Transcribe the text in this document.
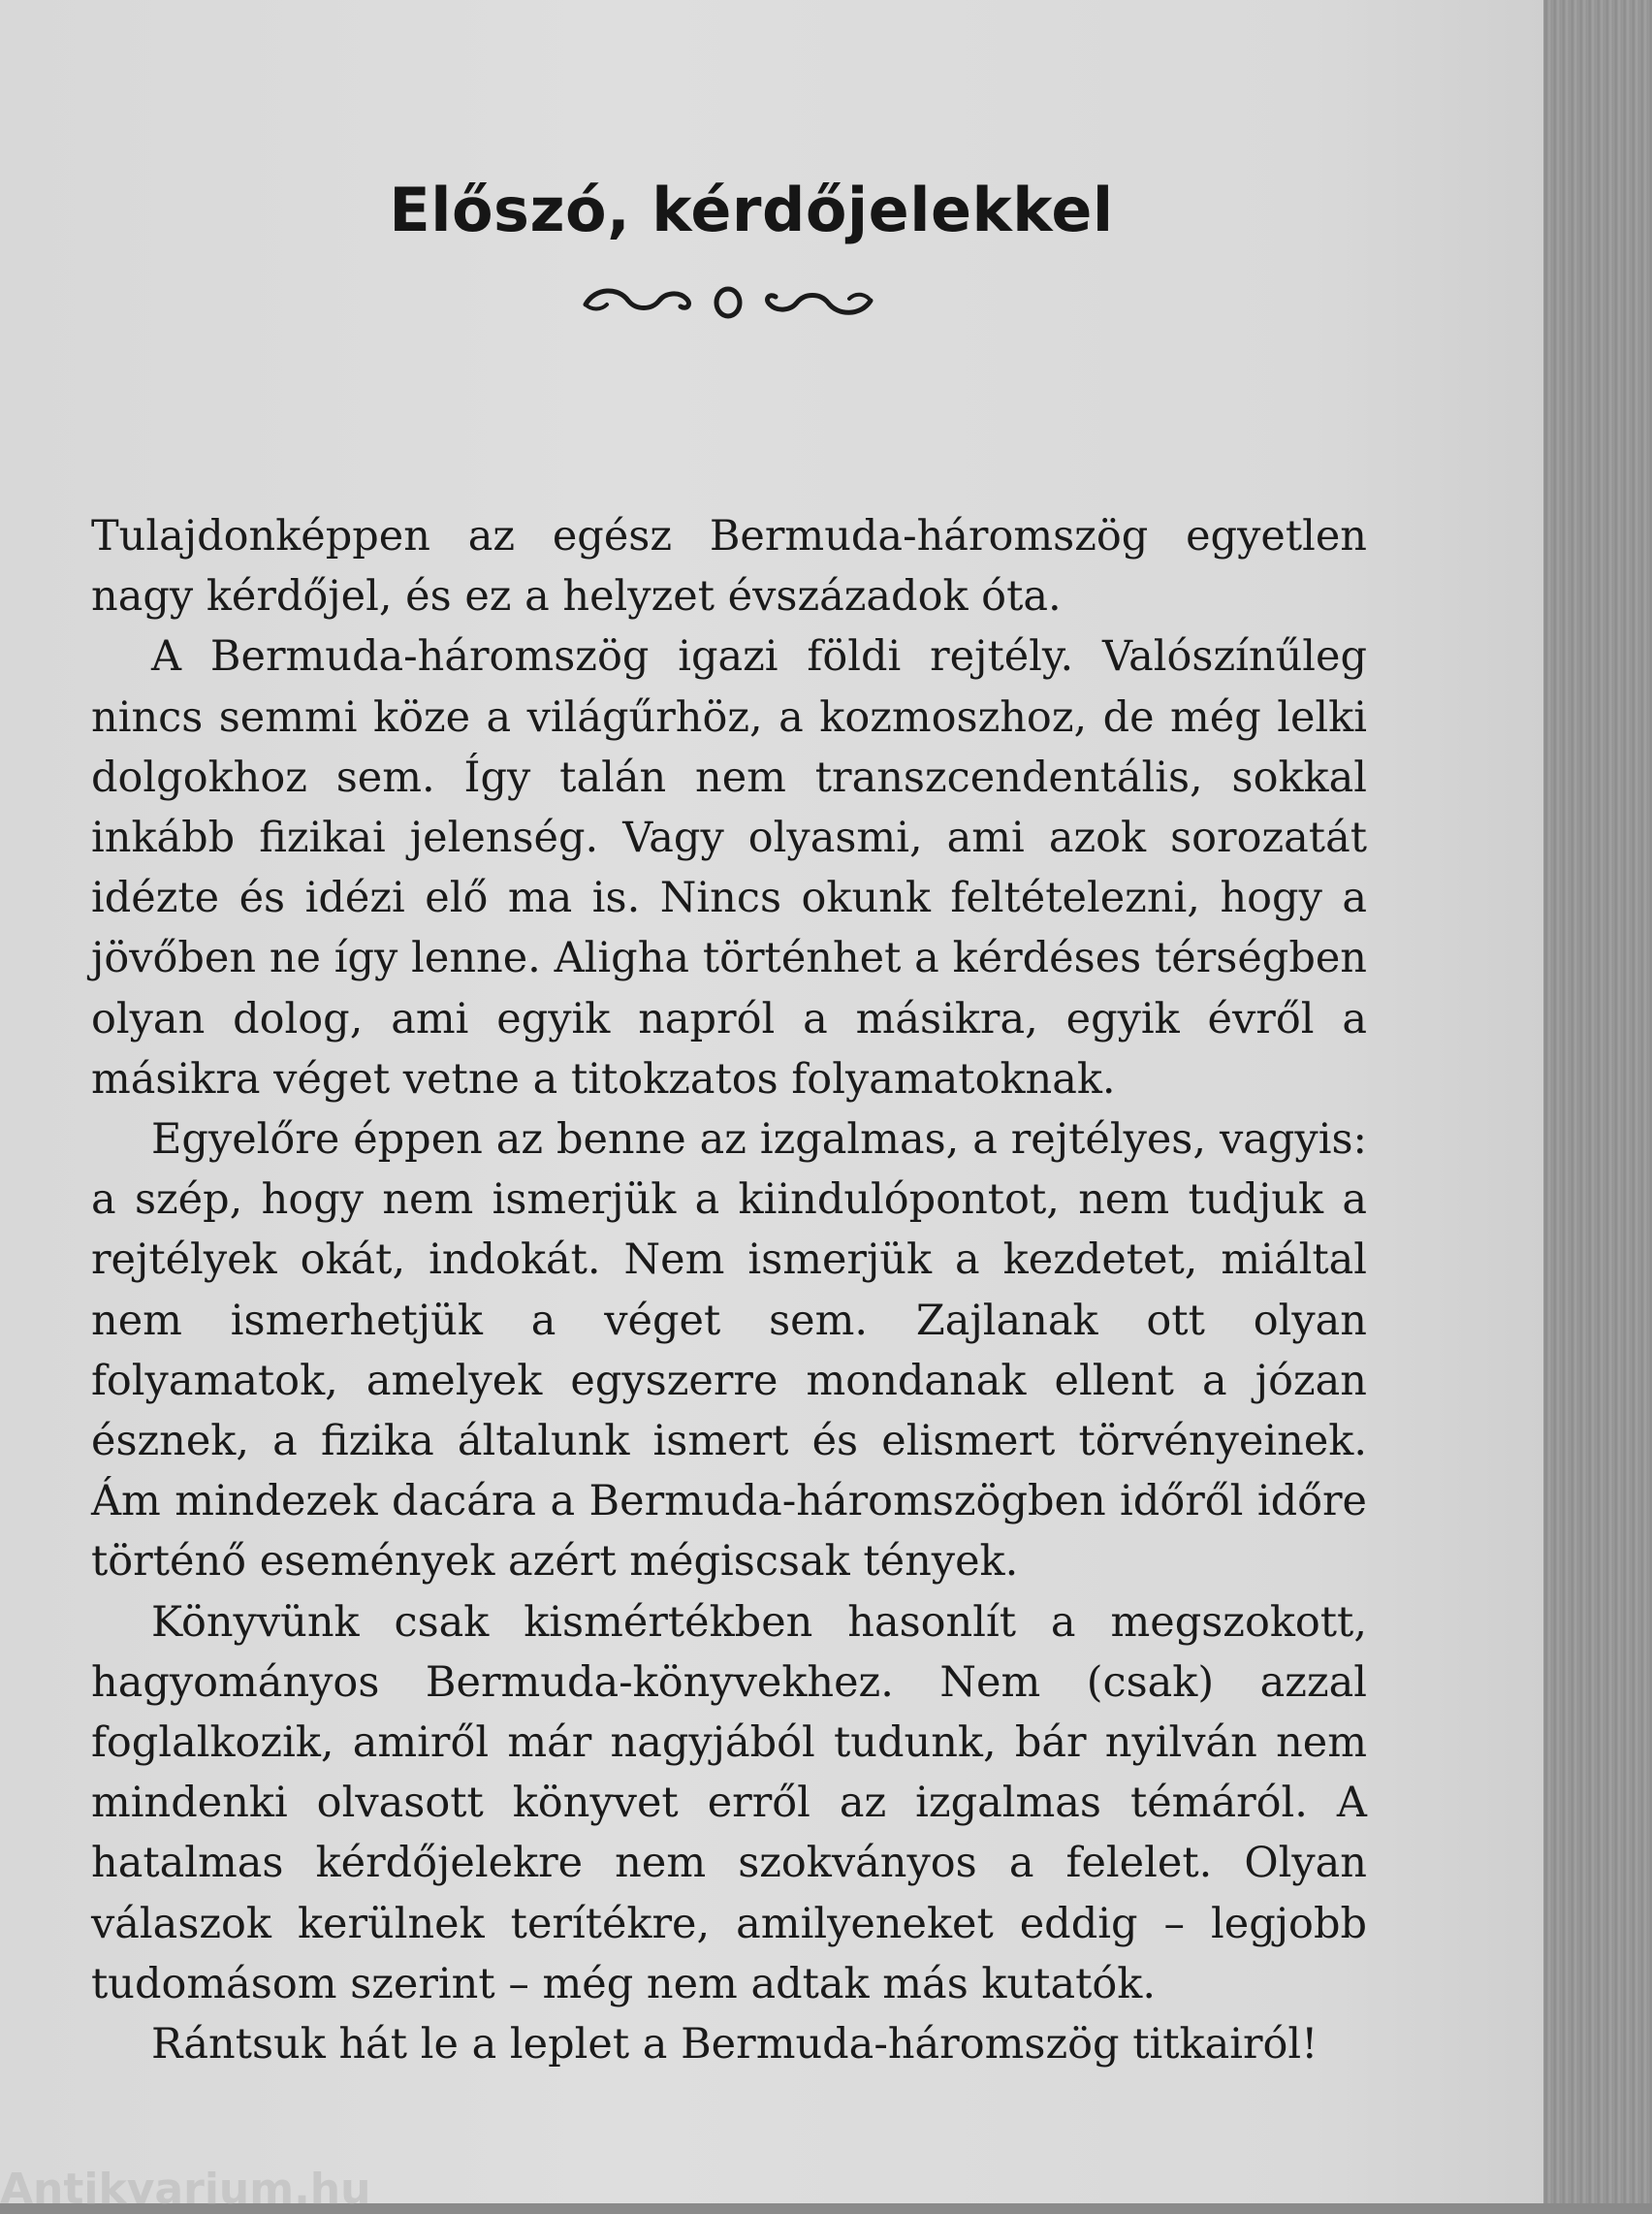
Előszó, kérdőjelekkel

Tulajdonképpen az egész Bermuda-háromszög egyetlen nagy kérdőjel, és ez a helyzet évszázadok óta.

A Bermuda-háromszög igazi földi rejtély. Valószínűleg nincs semmi köze a világűrhöz, a kozmoszhoz, de még lelki dolgokhoz sem. Így talán nem transzcendentális, sokkal inkább fizikai jelenség. Vagy olyasmi, ami azok sorozatát idézte és idézi elő ma is. Nincs okunk feltételezni, hogy a jövőben ne így lenne. Aligha történhet a kérdéses térségben olyan dolog, ami egyik napról a másikra, egyik évről a másikra véget vetne a titokzatos folyamatoknak.

Egyelőre éppen az benne az izgalmas, a rejtélyes, vagyis: a szép, hogy nem ismerjük a kiindulópontot, nem tudjuk a rejtélyek okát, indokát. Nem ismerjük a kezdetet, miáltal nem ismerhetjük a véget sem. Zajlanak ott olyan folyamatok, amelyek egyszerre mondanak ellent a józan észnek, a fizika általunk ismert és elismert törvényeinek. Ám mindezek dacára a Bermuda-háromszögben időről időre történő események azért mégiscsak tények.

Könyvünk csak kismértékben hasonlít a megszokott, hagyományos Bermuda-könyvekhez. Nem (csak) azzal foglalkozik, amiről már nagyjából tudunk, bár nyilván nem mindenki olvasott könyvet erről az izgalmas témáról. A hatalmas kérdőjelekre nem szokványos a felelet. Olyan válaszok kerülnek terítékre, amilyeneket eddig – legjobb tudomásom szerint – még nem adtak más kutatók.

Rántsuk hát le a leplet a Bermuda-háromszög titkairól!

Antikvarium.hu
